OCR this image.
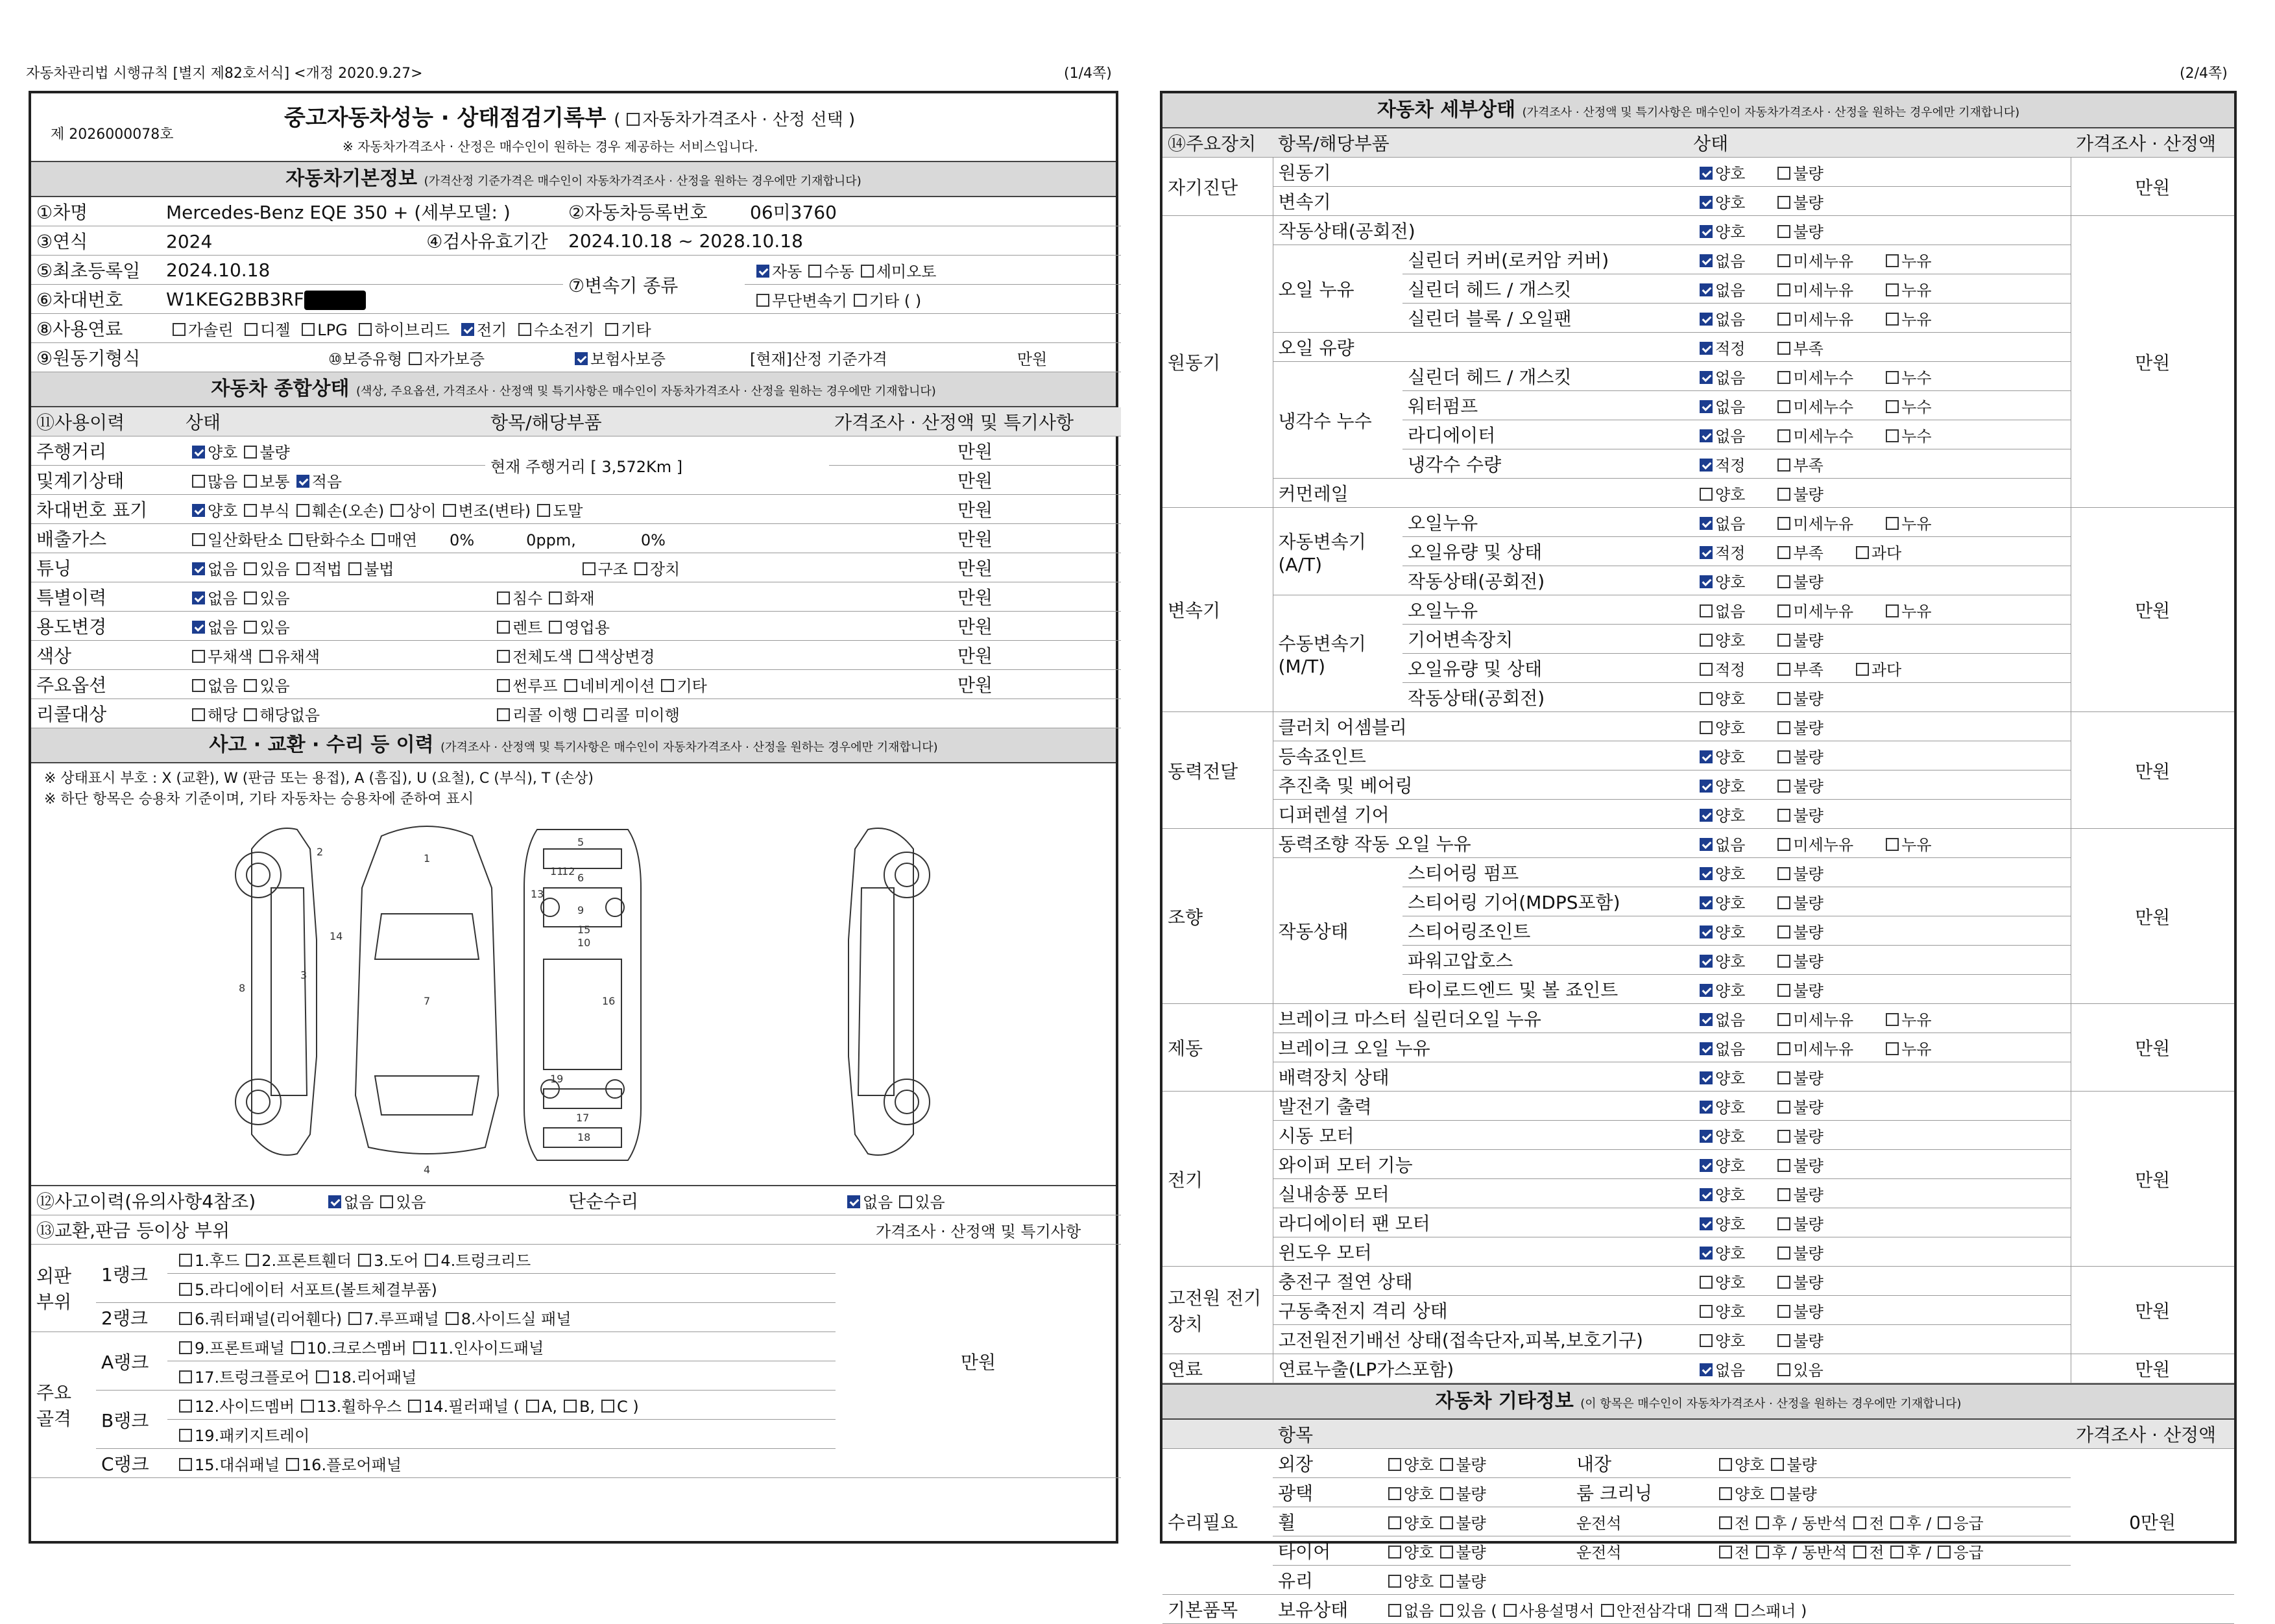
자동차관리법 시행규칙 [별지 제82호서식] <개정 2020.9.27>	(1/4쪽)	(2/4쪽)
제 2026000078호
중고자동차성능 · 상태점검기록부 ( 자동차가격조사 · 산정 선택 )
※ 자동차가격조사 · 산정은 매수인이 원하는 경우 제공하는 서비스입니다.
자동차기본정보 (가격산정 기준가격은 매수인이 자동차가격조사 · 산정을 원하는 경우에만 기재합니다)
①차명	Mercedes-Benz EQE 350 + (세부모델: )	②자동차등록번호	06미3760
③연식	2024 ④검사유효기간	2024.10.18 ~ 2028.10.18	
⑤최초등록일	2024.10.18	⑦변속기 종류	자동 수동 세미오토
⑥차대번호	W1KEG2BB3RF		무단변속기 기타 ( )
⑧사용연료	가솔린 디젤 LPG 하이브리드 전기 수소전기 기타		
⑨원동기형식	⑩보증유형 자가보증	보험사보증	[현재]산정 기준가격 만원
자동차 종합상태 (색상, 주요옵션, 가격조사 · 산정액 및 특기사항은 매수인이 자동차가격조사 · 산정을 원하는 경우에만 기재합니다)
⑪사용이력	상태	항목/해당부품	가격조사 · 산정액 및 특기사항
주행거리	양호 불량	현재 주행거리 [ 3,572Km ]	만원
및계기상태	많음 보통 적음		만원
차대번호 표기	양호 부식 훼손(오손) 상이 변조(변타) 도말		만원
배출가스	일산화탄소 탄화수소 매연 0% 0ppm, 0%		만원
튜닝	없음 있음 적법 불법 구조 장치		만원
특별이력	없음 있음	침수 화재	만원
용도변경	없음 있음	렌트 영업용	만원
색상	무채색 유채색	전체도색 색상변경	만원
주요옵션	없음 있음	썬루프 네비게이션 기타	만원
리콜대상	해당 해당없음	리콜 이행 리콜 미이행	
사고 · 교환 · 수리 등 이력 (가격조사 · 산정액 및 특기사항은 매수인이 자동차가격조사 · 산정을 원하는 경우에만 기재합니다)
※ 상태표시 부호 : X (교환), W (판금 또는 용접), A (흠집), U (요철), C (부식), T (손상)
※ 하단 항목은 승용차 기준이며, 기타 자동차는 승용차에 준하여 표시
1
2
3
4
5
6
7
8
9
10
11
12
13
14
15
16
17
18
19
⑫사고이력(유의사항4참조)	없음 있음	단순수리	없음 있음
⑬교환,판금 등이상 부위			가격조사 · 산정액 및 특기사항
외판 부위	1랭크	1.후드 2.프론트휀더 3.도어 4.트렁크리드	만원
		5.라디에이터 서포트(볼트체결부품)	
	2랭크	6.쿼터패널(리어휀다) 7.루프패널 8.사이드실 패널	
주요 골격	A랭크	9.프론트패널 10.크로스멤버 11.인사이드패널	
		17.트렁크플로어 18.리어패널	
	B랭크	12.사이드멤버 13.휠하우스 14.필러패널 ( A, B, C )	
		19.패키지트레이	
	C랭크	15.대쉬패널 16.플로어패널	
자동차 세부상태 (가격조사 · 산정액 및 특기사항은 매수인이 자동차가격조사 · 산정을 원하는 경우에만 기재합니다)
⑭주요장치	항목/해당부품		상태	가격조사 · 산정액
자기진단	원동기		양호 불량	만원
	변속기		양호 불량	
원동기	작동상태(공회전)		양호 불량	만원
	오일 누유	실린더 커버(로커암 커버)	없음 미세누유 누유	
		실린더 헤드 / 개스킷	없음 미세누유 누유	
		실린더 블록 / 오일팬	없음 미세누유 누유	
	오일 유량		적정 부족	
	냉각수 누수	실린더 헤드 / 개스킷	없음 미세누수 누수	
		워터펌프	없음 미세누수 누수	
		라디에이터	없음 미세누수 누수	
		냉각수 수량	적정 부족	
	커먼레일		양호 불량	
변속기	자동변속기 (A/T)	오일누유	없음 미세누유 누유	만원
		오일유량 및 상태	적정 부족 과다	
		작동상태(공회전)	양호 불량	
	수동변속기 (M/T)	오일누유	없음 미세누유 누유	
		기어변속장치	양호 불량	
		오일유량 및 상태	적정 부족 과다	
		작동상태(공회전)	양호 불량	
동력전달	클러치 어셈블리		양호 불량	만원
	등속죠인트		양호 불량	
	추진축 및 베어링		양호 불량	
	디퍼렌셜 기어		양호 불량	
조향	동력조향 작동 오일 누유		없음 미세누유 누유	만원
	작동상태	스티어링 펌프	양호 불량	
		스티어링 기어(MDPS포함)	양호 불량	
		스티어링조인트	양호 불량	
		파워고압호스	양호 불량	
		타이로드엔드 및 볼 죠인트	양호 불량	
제동	브레이크 마스터 실린더오일 누유		없음 미세누유 누유	만원
	브레이크 오일 누유		없음 미세누유 누유	
	배력장치 상태		양호 불량	
전기	발전기 출력		양호 불량	만원
	시동 모터		양호 불량	
	와이퍼 모터 기능		양호 불량	
	실내송풍 모터		양호 불량	
	라디에이터 팬 모터		양호 불량	
	윈도우 모터		양호 불량	
고전원 전기장치	충전구 절연 상태		양호 불량	만원
	구동축전지 격리 상태		양호 불량	
	고전원전기배선 상태(접속단자,피복,보호기구)		양호 불량	
연료	연료누출(LP가스포함)		없음 있음	만원
자동차 기타정보 (이 항목은 매수인이 자동차가격조사 · 산정을 원하는 경우에만 기재합니다)
	항목				가격조사 · 산정액
수리필요	외장	양호 불량	내장	양호 불량	0만원
	광택	양호 불량	룸 크리닝	양호 불량	
	휠	양호 불량	운전석	전 후 / 동반석 전 후 / 응급	
	타이어	양호 불량	운전석	전 후 / 동반석 전 후 / 응급	
	유리	양호 불량			
기본품목	보유상태	없음 있음 ( 사용설명서 안전삼각대 잭 스패너 )			
